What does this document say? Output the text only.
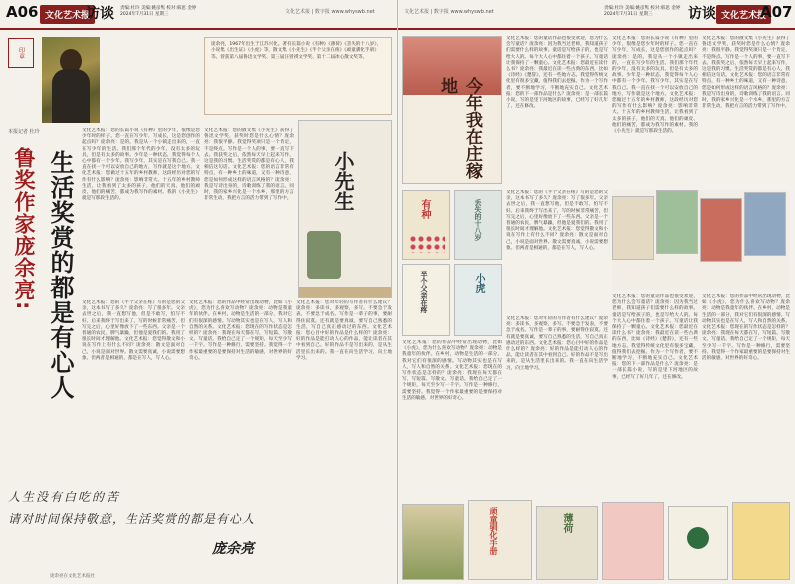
A06 文化艺术报
访谈 责编:杜玲 美编:姚彦隽 校对:韩思 金婷
2024年7月31日 星期三	文化艺术报 | 数字报 www.whyswb.net	文化艺术报 | 数字报 www.whyswb.net
责编:杜玲 美编:姚彦隽 校对:韩思 金婷
2024年7月31日 星期三	访谈 文化艺术报
A07
印章
本报记者 杜玲
庞余亮，1967年出生于江苏兴化。著有长篇小说《有种》《薄荷》《丢失的十八岁》，小说集《出生证》《小虎》等，散文集《小先生》《半个父亲在疼》《顽童驯化手册》等。曾获第八届鲁迅文学奖、第三届汪曾祺文学奖、第十二届冰心散文奖等。
鲁奖作家庞余亮: 生活奖赏的都是有心人
文化艺术报：您的长篇小说《有种》里的少年，很像是您少年时的样子。您一直在写少年，写成长，这是您创作的起点吗？庞余亮：是的。我是从一个小镇走出来的，一直在写少年的生活。我们那个年代的少年，没有太多的玩具，但是有太多的故事。少年是一种状态，我觉得每个人心中都有一个少年。我写少年，其实是在写我自己。我一直在找一个可以安放自己的地方，写作就是这个地方。文化艺术报：您做过十五年的乡村教师，这段经历对您的写作有什么影响？庞余亮：影响非常大。十五年的乡村教师生活，让我看到了太多的孩子，他们的天真、他们的顽皮、他们的痛苦，都成为我写作的素材。我的《小先生》就是写那段生活的。
文化艺术报：您的散文集《小先生》获得了鲁迅文学奖，获奖时您是什么心情？庞余亮：我很平静。我觉得奖项只是一个肯定，不是终点。写作是一个人的事，要一直写下去。我获奖之后，依然每天早上起来写作，这是我的习惯。生活奖赏的都是有心人，我相信这句话。文化艺术报：您的语言非常有特点，有一种乡土的味道，又有一种诗意，您是如何形成这样的语言风格的？庞余亮：我是写诗出身的，诗歌训练了我的语言。同时，我的家乡兴化是一个水乡，那里的方言非常生动，我把方言的活力带到了写作中。 小先生
文化艺术报：您的《半个父亲在疼》写的是您的父亲，这本书写了多久？庞余亮：写了很多年。父亲去世之后，我一直想写他，但是不敢写，怕写不好。后来我终于写出来了，写的时候非常痛苦，但写完之后，心里好像放下了一些东西。父亲是一个普通的农民，脾气暴躁，但他是爱我们的。我用了很长时间才理解他。文化艺术报：您觉得散文和小说在写作上有什么不同？庞余亮：散文是面对自己，小说是面对世界。散文需要真诚，小说需要想象。但两者是相通的，都是在写人，写人心。
文化艺术报：您的作品中经常出现动物，比如《小虎》，您为什么喜欢写动物？庞余亮：动物是我童年的伙伴。在乡村，动物是生活的一部分，我对它们有很深的感情。写动物其实也是在写人，写人和自然的关系。文化艺术报：您现在的写作状态是怎样的？庞余亮：我现在每天都在写，写短篇、写散文、写童话。我给自己定了一个规矩，每天至少写一千字。写作是一种修行，需要坚持。我觉得一个作家最重要的是要保持对生活的敏感，对世界的好奇心。
文化艺术报：您对年轻的写作者有什么建议？庞余亮：多读书，多观察，多写。不要急于发表，不要急于成名。写作是一辈子的事，要耐得住寂寞。还有就是要真诚，要写自己熟悉的生活，写自己真正感动过的东西。文化艺术报：您心目中好的作品是什么样的？庞余亮：好的作品是能打动人心的作品，能让读者在其中看到自己。好的作品不是写出来的，是从生活里长出来的。我一直在向生活学习，向土地学习。
人生没有白吃的苦
请对时间保持敬意，生活奖赏的都是有心人
庞余亮
庞余亮在文化艺术报社
今年我在庄稼地
文化艺术报：您的童话作品也很受欢迎，您为什么会写童话？庞余亮：因为我当过老师，我知道孩子们需要什么样的故事。童话是写给孩子的，也是写给大人的。每个大人心中都住着一个孩子。写童话让我保持了一颗童心。文化艺术报：您最近在读什么书？庞余亮：我最近在读一些古典的东西，比如《诗经》《楚辞》，还有一些地方志。我觉得传统文化里有很多宝藏，值得我们去挖掘。作为一个写作者，要不断地学习，不断地充实自己。文化艺术报：您的下一部作品是什么？庞余亮：是一部长篇小说，写的是里下河地区的故事，已经写了好几年了，还在修改。
文化艺术报：您的长篇小说《有种》里的少年，很像是您少年时的样子。您一直在写少年，写成长，这是您创作的起点吗？庞余亮：是的。我是从一个小镇走出来的，一直在写少年的生活。我们那个年代的少年，没有太多的玩具，但是有太多的故事。少年是一种状态，我觉得每个人心中都有一个少年。我写少年，其实是在写我自己。我一直在找一个可以安放自己的地方，写作就是这个地方。文化艺术报：您做过十五年的乡村教师，这段经历对您的写作有什么影响？庞余亮：影响非常大。十五年的乡村教师生活，让我看到了太多的孩子，他们的天真、他们的顽皮、他们的痛苦，都成为我写作的素材。我的《小先生》就是写那段生活的。
文化艺术报：您的散文集《小先生》获得了鲁迅文学奖，获奖时您是什么心情？庞余亮：我很平静。我觉得奖项只是一个肯定，不是终点。写作是一个人的事，要一直写下去。我获奖之后，依然每天早上起来写作，这是我的习惯。生活奖赏的都是有心人，我相信这句话。文化艺术报：您的语言非常有特点，有一种乡土的味道，又有一种诗意，您是如何形成这样的语言风格的？庞余亮：我是写诗出身的，诗歌训练了我的语言。同时，我的家乡兴化是一个水乡，那里的方言非常生动，我把方言的活力带到了写作中。
有种	丢失的十八岁
文化艺术报：您的《半个父亲在疼》写的是您的父亲，这本书写了多久？庞余亮：写了很多年。父亲去世之后，我一直想写他，但是不敢写，怕写不好。后来我终于写出来了，写的时候非常痛苦，但写完之后，心里好像放下了一些东西。父亲是一个普通的农民，脾气暴躁，但他是爱我们的。我用了很长时间才理解他。文化艺术报：您觉得散文和小说在写作上有什么不同？庞余亮：散文是面对自己，小说是面对世界。散文需要真诚，小说需要想象。但两者是相通的，都是在写人，写人心。
半个父亲在疼	小虎
文化艺术报：您的作品中经常出现动物，比如《小虎》，您为什么喜欢写动物？庞余亮：动物是我童年的伙伴。在乡村，动物是生活的一部分，我对它们有很深的感情。写动物其实也是在写人，写人和自然的关系。文化艺术报：您现在的写作状态是怎样的？庞余亮：我现在每天都在写，写短篇、写散文、写童话。我给自己定了一个规矩，每天至少写一千字。写作是一种修行，需要坚持。我觉得一个作家最重要的是要保持对生活的敏感，对世界的好奇心。
文化艺术报：您对年轻的写作者有什么建议？庞余亮：多读书，多观察，多写。不要急于发表，不要急于成名。写作是一辈子的事，要耐得住寂寞。还有就是要真诚，要写自己熟悉的生活，写自己真正感动过的东西。文化艺术报：您心目中好的作品是什么样的？庞余亮：好的作品是能打动人心的作品，能让读者在其中看到自己。好的作品不是写出来的，是从生活里长出来的。我一直在向生活学习，向土地学习。
文化艺术报：您的童话作品也很受欢迎，您为什么会写童话？庞余亮：因为我当过老师，我知道孩子们需要什么样的故事。童话是写给孩子的，也是写给大人的。每个大人心中都住着一个孩子。写童话让我保持了一颗童心。文化艺术报：您最近在读什么书？庞余亮：我最近在读一些古典的东西，比如《诗经》《楚辞》，还有一些地方志。我觉得传统文化里有很多宝藏，值得我们去挖掘。作为一个写作者，要不断地学习，不断地充实自己。文化艺术报：您的下一部作品是什么？庞余亮：是一部长篇小说，写的是里下河地区的故事，已经写了好几年了，还在修改。
文化艺术报：您的作品中经常出现动物，比如《小虎》，您为什么喜欢写动物？庞余亮：动物是我童年的伙伴。在乡村，动物是生活的一部分，我对它们有很深的感情。写动物其实也是在写人，写人和自然的关系。文化艺术报：您现在的写作状态是怎样的？庞余亮：我现在每天都在写，写短篇、写散文、写童话。我给自己定了一个规矩，每天至少写一千字。写作是一种修行，需要坚持。我觉得一个作家最重要的是要保持对生活的敏感，对世界的好奇心。
顽童驯化手册	薄荷
